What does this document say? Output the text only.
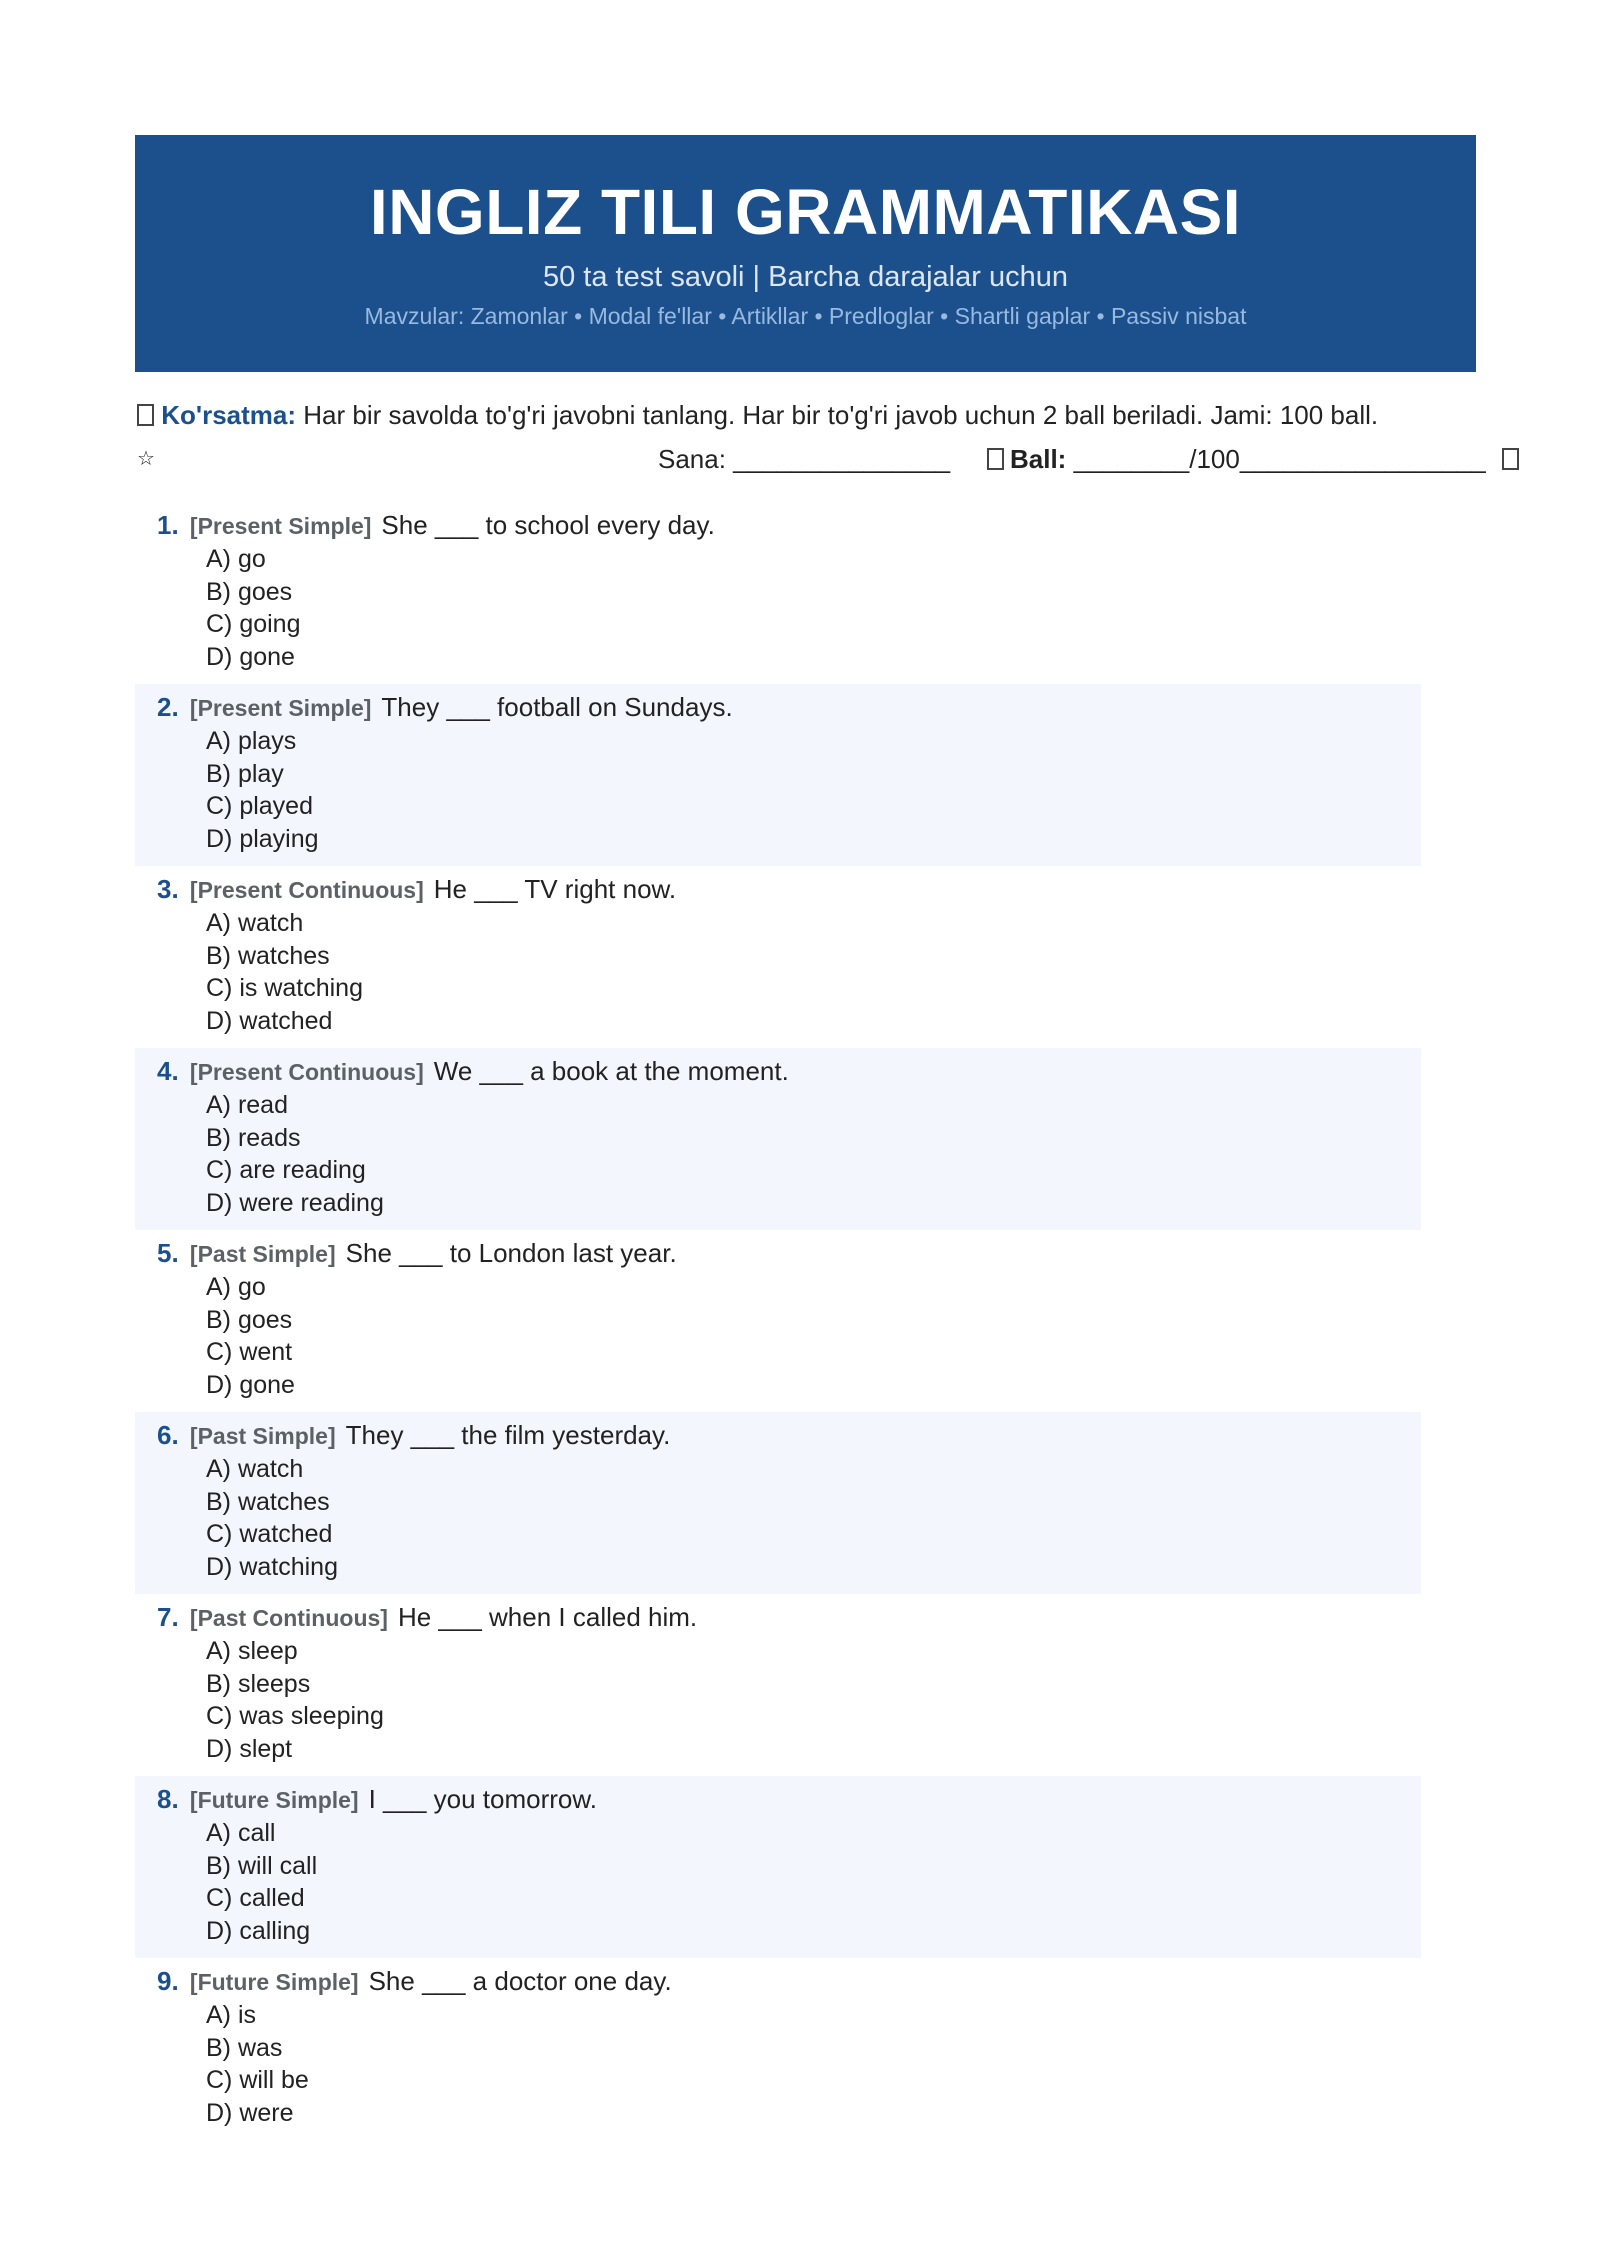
INGLIZ TILI GRAMMATIKASI
50 ta test savoli | Barcha darajalar uchun
Mavzular: Zamonlar • Modal fe'llar • Artikllar • Predloglar • Shartli gaplar • Passiv nisbat
Ko'rsatma: Har bir savolda to'g'ri javobni tanlang. Har bir to'g'ri javob uchun 2 ball beriladi. Jami: 100 ball.
☆	Sana: _______________ Ball: ________/100_________________
1. [Present Simple] She ___ to school every day.
A) go
B) goes
C) going
D) gone
2. [Present Simple] They ___ football on Sundays.
A) plays
B) play
C) played
D) playing
3. [Present Continuous] He ___ TV right now.
A) watch
B) watches
C) is watching
D) watched
4. [Present Continuous] We ___ a book at the moment.
A) read
B) reads
C) are reading
D) were reading
5. [Past Simple] She ___ to London last year.
A) go
B) goes
C) went
D) gone
6. [Past Simple] They ___ the film yesterday.
A) watch
B) watches
C) watched
D) watching
7. [Past Continuous] He ___ when I called him.
A) sleep
B) sleeps
C) was sleeping
D) slept
8. [Future Simple] I ___ you tomorrow.
A) call
B) will call
C) called
D) calling
9. [Future Simple] She ___ a doctor one day.
A) is
B) was
C) will be
D) were
